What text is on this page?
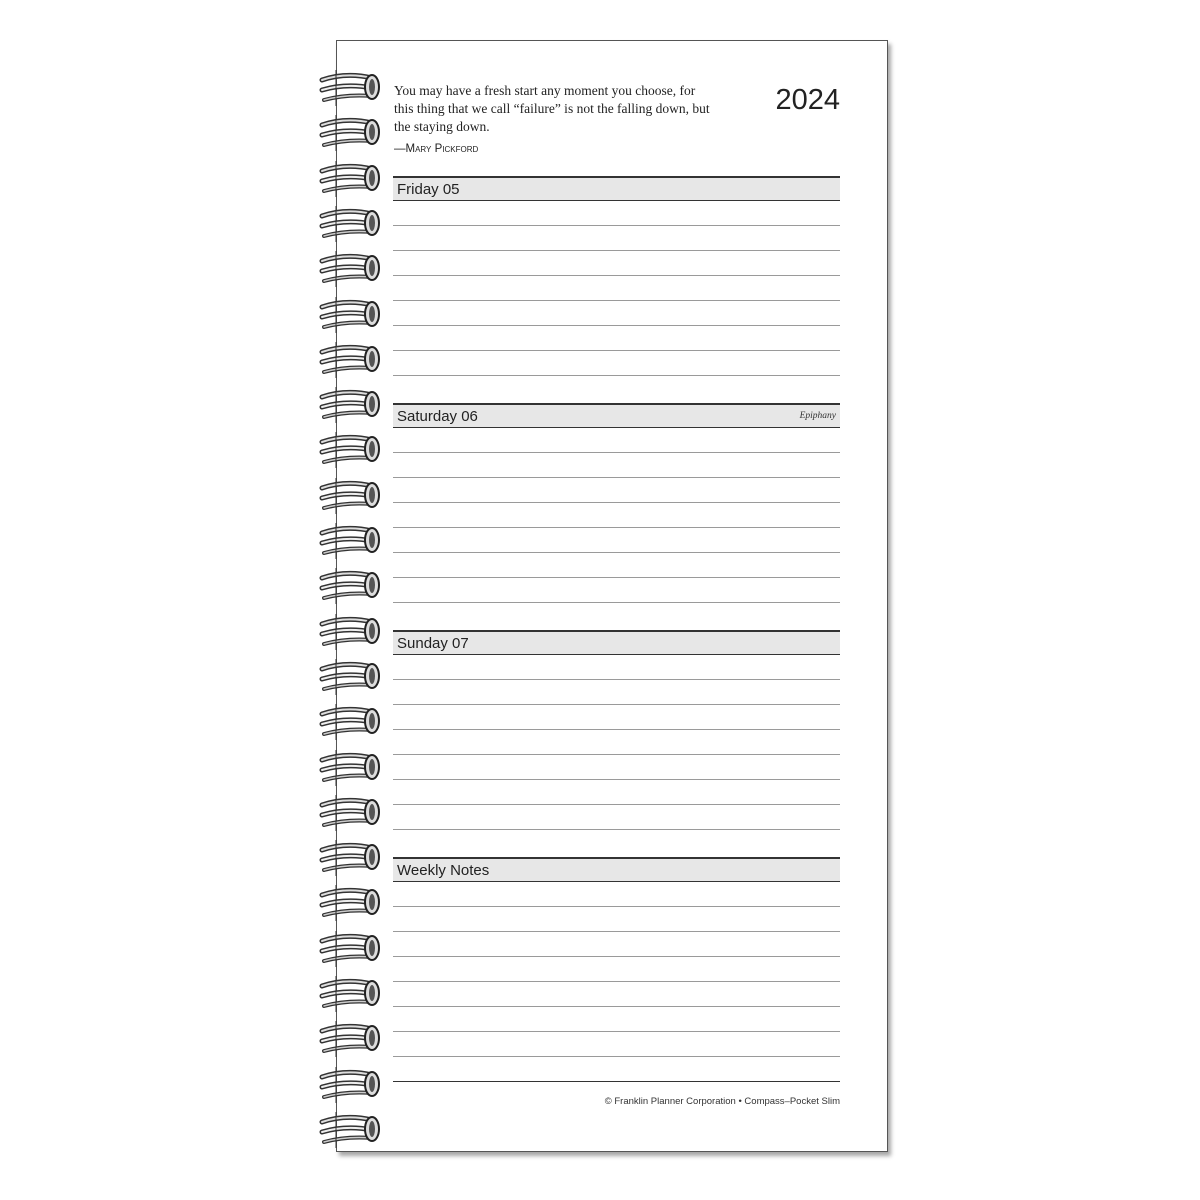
You may have a fresh start any moment you choose, for this thing that we call “failure” is not the falling down, but the staying down.
—Mary Pickford
2024
Friday 05
Saturday 06	Epiphany
Sunday 07
Weekly Notes
© Franklin Planner Corporation • Compass–Pocket Slim
